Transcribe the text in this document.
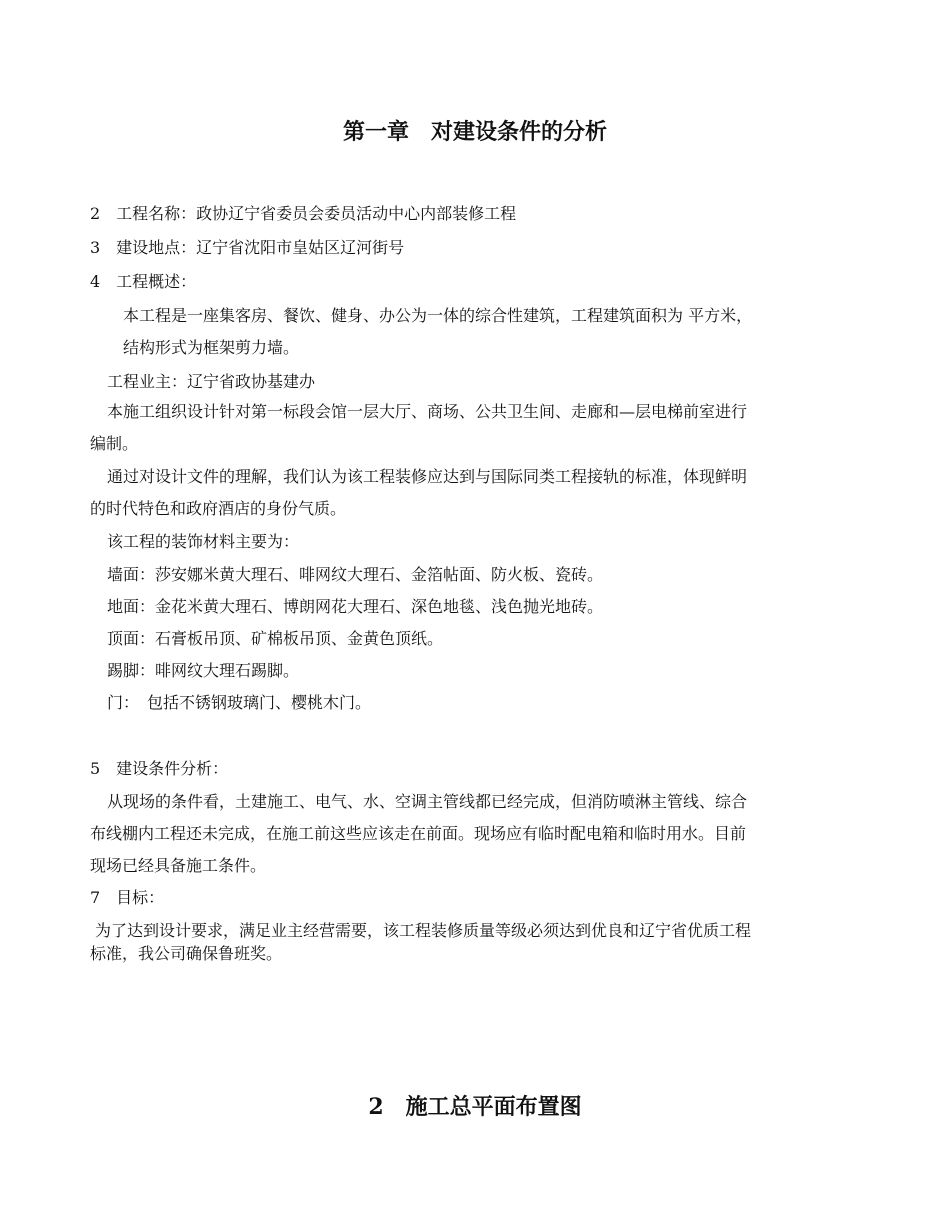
第一章　对建设条件的分析

2　工程名称：政协辽宁省委员会委员活动中心内部装修工程

3　建设地点：辽宁省沈阳市皇姑区辽河街号

4　工程概述：

本工程是一座集客房、餐饮、健身、办公为一体的综合性建筑，工程建筑面积为 平方米，

结构形式为框架剪力墙。

工程业主：辽宁省政协基建办

本施工组织设计针对第一标段会馆一层大厅、商场、公共卫生间、走廊和—层电梯前室进行

编制。

通过对设计文件的理解，我们认为该工程装修应达到与国际同类工程接轨的标准，体现鲜明

的时代特色和政府酒店的身份气质。

该工程的装饰材料主要为：

墙面：莎安娜米黄大理石、啡网纹大理石、金箔帖面、防火板、瓷砖。

地面：金花米黄大理石、博朗网花大理石、深色地毯、浅色抛光地砖。

顶面：石膏板吊顶、矿棉板吊顶、金黄色顶纸。

踢脚：啡网纹大理石踢脚。

门：　包括不锈钢玻璃门、樱桃木门。

5　建设条件分析：

从现场的条件看，土建施工、电气、水、空调主管线都已经完成，但消防喷淋主管线、综合

布线棚内工程还未完成，在施工前这些应该走在前面。现场应有临时配电箱和临时用水。目前

现场已经具备施工条件。

7　目标：

为了达到设计要求，满足业主经营需要，该工程装修质量等级必须达到优良和辽宁省优质工程

标准，我公司确保鲁班奖。

2　施工总平面布置图
